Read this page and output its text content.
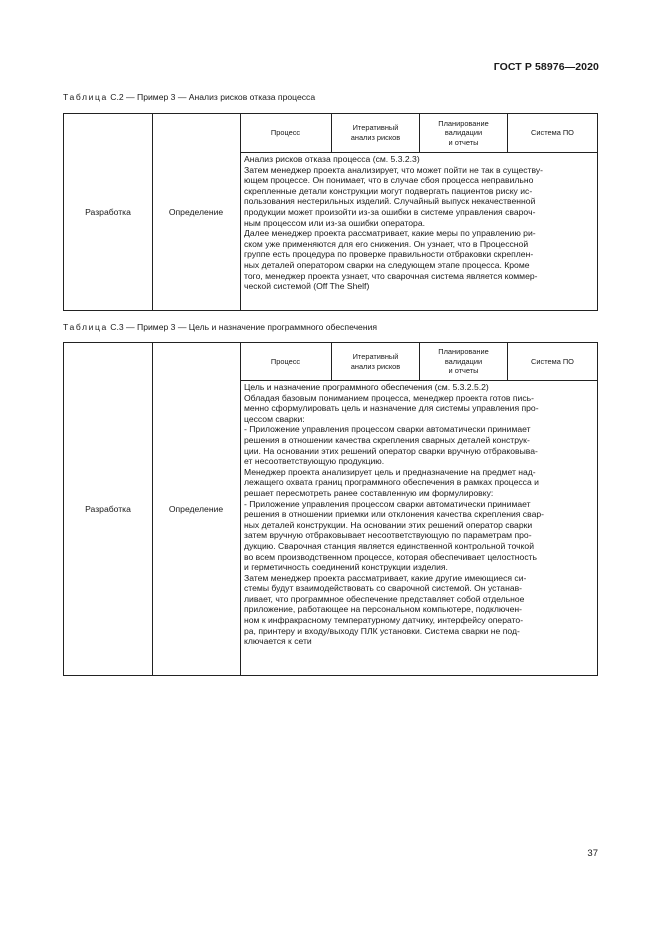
ГОСТ Р 58976—2020
Таблица С.2 — Пример 3 — Анализ рисков отказа процесса
Разработка	Определение
Процесс
Итеративный
анализ рисков
Планирование
валидации
и отчеты
Система ПО

Анализ рисков отказа процесса (см. 5.3.2.3)

Затем менеджер проекта анализирует, что может пойти не так в существу-

ющем процессе. Он понимает, что в случае сбоя процесса неправильно

скрепленные детали конструкции могут подвергать пациентов риску ис-

пользования нестерильных изделий. Случайный выпуск некачественной

продукции может произойти из-за ошибки в системе управления сварoч-

ным процессом или из-за ошибки оператора.

Далее менеджер проекта рассматривает, какие меры по управлению ри-

ском уже применяются для его снижения. Он узнает, что в Процессной

группе есть процедура по проверке правильности отбраковки скреплен-

ных деталей оператором сварки на следующем этапе процесса. Кроме

того, менеджер проекта узнает, что сварочная система является коммер-

ческой системой (Off The Shelf)

Таблица С.3 — Пример 3 — Цель и назначение программного обеспечения
Разработка	Определение
Процесс
Итеративный
анализ рисков
Планирование
валидации
и отчеты
Система ПО

Цель и назначение программного обеспечения (см. 5.3.2.5.2)

Обладая базовым пониманием процесса, менеджер проекта готов пись-

менно сформулировать цель и назначение для системы управления про-

цессом сварки:

- Приложение управления процессом сварки автоматически принимает

решения в отношении качества скрепления сварных деталей конструк-

ции. На основании этих решений оператор сварки вручную отбраковыва-

ет несоответствующую продукцию.

Менеджер проекта анализирует цель и предназначение на предмет над-

лежащего охвата границ программного обеспечения в рамках процесса и

решает пересмотреть ранее составленную им формулировку:

- Приложение управления процессом сварки автоматически принимает

решения в отношении приемки или отклонения качества скрепления свар-

ных деталей конструкции. На основании этих решений оператор сварки

затем вручную отбраковывает несоответствующую по параметрам про-

дукцию. Сварочная станция является единственной контрольной точкой

во всем производственном процессе, которая обеспечивает целостность

и герметичность соединений конструкции изделия.

Затем менеджер проекта рассматривает, какие другие имеющиеся си-

стемы будут взаимодействовать со сварочной системой. Он устанав-

ливает, что программное обеспечение представляет собой отдельное

приложение, работающее на персональном компьютере, подключен-

ном к инфракрасному температурному датчику, интерфейсу операто-

ра, принтеру и входу/выходу ПЛК установки. Система сварки не под-

ключается к сети

37
